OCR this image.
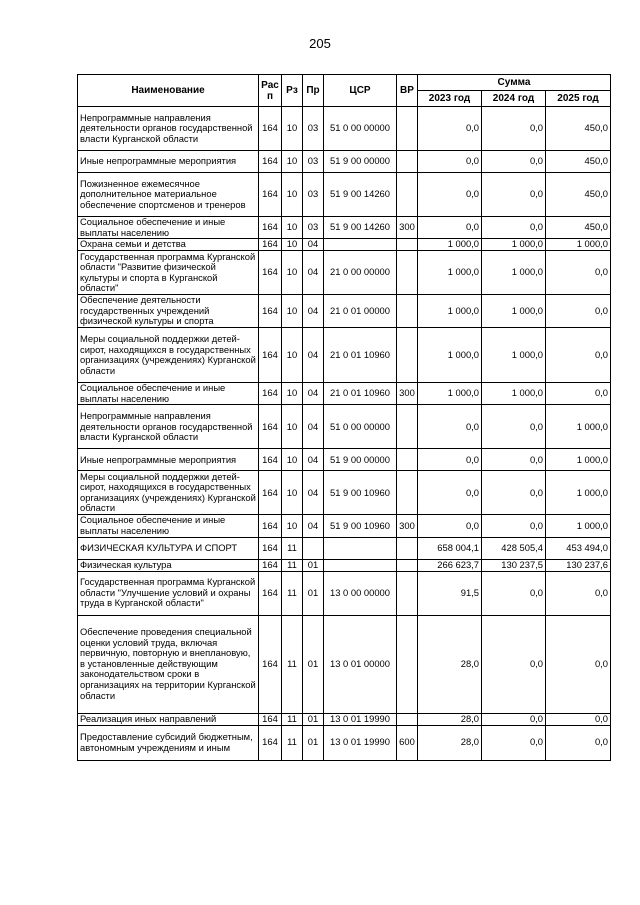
205
Наименование	Рас п	Рз	Пр	ЦСР	ВР	Сумма		
						2023 год	2024 год	2025 год
Непрограммные направления деятельности органов государственной власти Курганской области	164	10	03	51 0 00 00000		0,0	0,0	450,0
Иные непрограммные мероприятия	164	10	03	51 9 00 00000		0,0	0,0	450,0
Пожизненное ежемесячное дополнительное материальное обеспечение спортсменов и тренеров	164	10	03	51 9 00 14260		0,0	0,0	450,0
Социальное обеспечение и иные выплаты населению	164	10	03	51 9 00 14260	300	0,0	0,0	450,0
Охрана семьи и детства	164	10	04			1 000,0	1 000,0	1 000,0
Государственная программа Курганской области "Развитие физической культуры и спорта в Курганской области"	164	10	04	21 0 00 00000		1 000,0	1 000,0	0,0
Обеспечение деятельности государственных учреждений физической культуры и спорта	164	10	04	21 0 01 00000		1 000,0	1 000,0	0,0
Меры социальной поддержки детей-сирот, находящихся в государственных организациях (учреждениях) Курганской области	164	10	04	21 0 01 10960		1 000,0	1 000,0	0,0
Социальное обеспечение и иные выплаты населению	164	10	04	21 0 01 10960	300	1 000,0	1 000,0	0,0
Непрограммные направления деятельности органов государственной власти Курганской области	164	10	04	51 0 00 00000		0,0	0,0	1 000,0
Иные непрограммные мероприятия	164	10	04	51 9 00 00000		0,0	0,0	1 000,0
Меры социальной поддержки детей-сирот, находящихся в государственных организациях (учреждениях) Курганской области	164	10	04	51 9 00 10960		0,0	0,0	1 000,0
Социальное обеспечение и иные выплаты населению	164	10	04	51 9 00 10960	300	0,0	0,0	1 000,0
ФИЗИЧЕСКАЯ КУЛЬТУРА И СПОРТ	164	11				658 004,1	428 505,4	453 494,0
Физическая культура	164	11	01			266 623,7	130 237,5	130 237,6
Государственная программа Курганской области "Улучшение условий и охраны труда в Курганской области"	164	11	01	13 0 00 00000		91,5	0,0	0,0
Обеспечение проведения специальной оценки условий труда, включая первичную, повторную и внеплановую, в установленные действующим законодательством сроки в организациях на территории Курганской области	164	11	01	13 0 01 00000		28,0	0,0	0,0
Реализация иных направлений	164	11	01	13 0 01 19990		28,0	0,0	0,0
Предоставление субсидий бюджетным, автономным учреждениям и иным	164	11	01	13 0 01 19990	600	28,0	0,0	0,0
